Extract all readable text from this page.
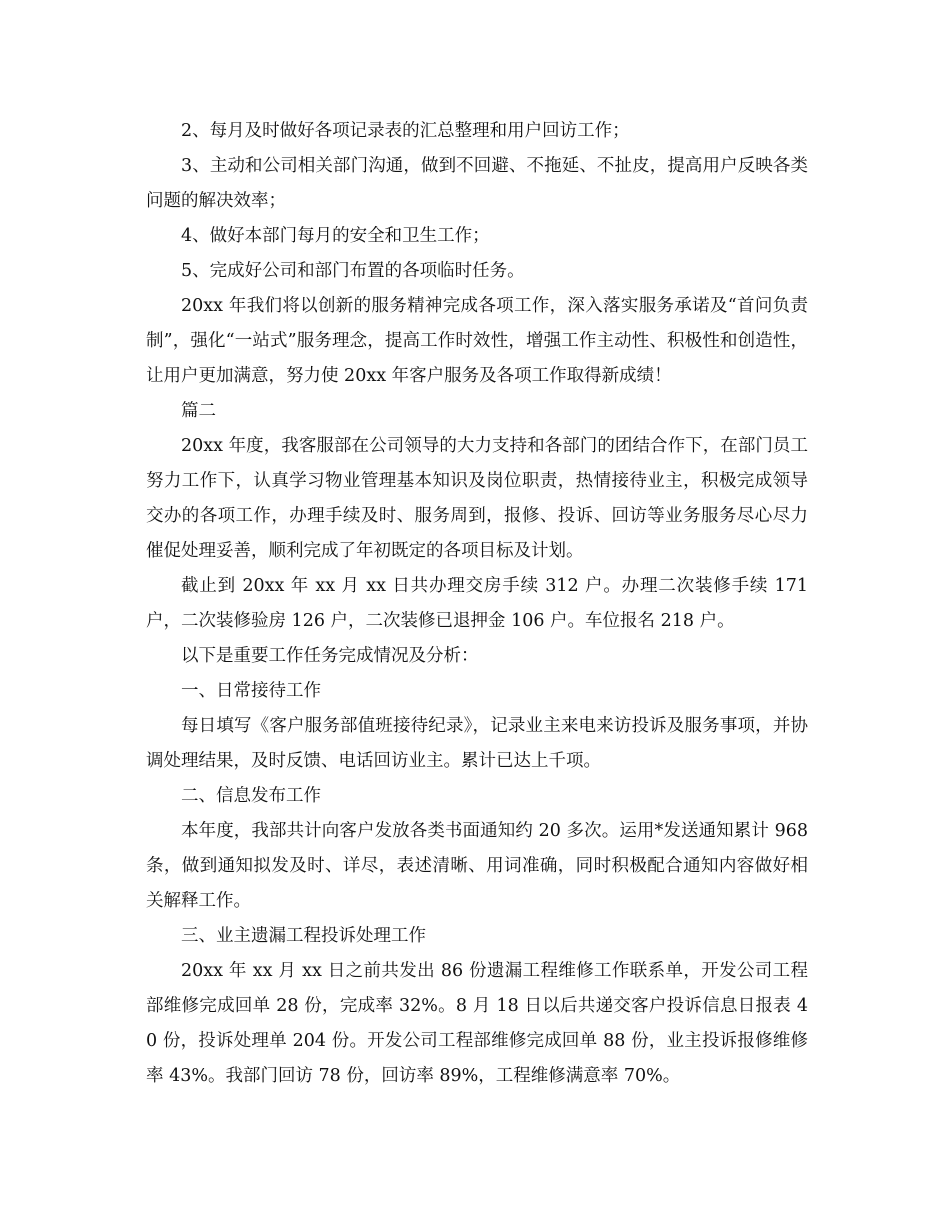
2、每月及时做好各项记录表的汇总整理和用户回访工作；

3、主动和公司相关部门沟通，做到不回避、不拖延、不扯皮，提高用户反映各类问题的解决效率；

4、做好本部门每月的安全和卫生工作；

5、完成好公司和部门布置的各项临时任务。

20xx 年我们将以创新的服务精神完成各项工作，深入落实服务承诺及“首问负责制”，强化“一站式”服务理念，提高工作时效性，增强工作主动性、积极性和创造性，让用户更加满意，努力使 20xx 年客户服务及各项工作取得新成绩！

篇二

20xx 年度，我客服部在公司领导的大力支持和各部门的团结合作下，在部门员工努力工作下，认真学习物业管理基本知识及岗位职责，热情接待业主，积极完成领导交办的各项工作，办理手续及时、服务周到，报修、投诉、回访等业务服务尽心尽力催促处理妥善，顺利完成了年初既定的各项目标及计划。

截止到 20xx 年 xx 月 xx 日共办理交房手续 312 户。办理二次装修手续 171 户，二次装修验房 126 户，二次装修已退押金 106 户。车位报名 218 户。

以下是重要工作任务完成情况及分析：

一、日常接待工作

每日填写《客户服务部值班接待纪录》，记录业主来电来访投诉及服务事项，并协调处理结果，及时反馈、电话回访业主。累计已达上千项。

二、信息发布工作

本年度，我部共计向客户发放各类书面通知约 20 多次。运用*发送通知累计 968 条，做到通知拟发及时、详尽，表述清晰、用词准确，同时积极配合通知内容做好相关解释工作。

三、业主遗漏工程投诉处理工作

20xx 年 xx 月 xx 日之前共发出 86 份遗漏工程维修工作联系单，开发公司工程部维修完成回单 28 份，完成率 32%。8 月 18 日以后共递交客户投诉信息日报表 40 份，投诉处理单 204 份。开发公司工程部维修完成回单 88 份，业主投诉报修维修率 43%。我部门回访 78 份，回访率 89%，工程维修满意率 70%。
